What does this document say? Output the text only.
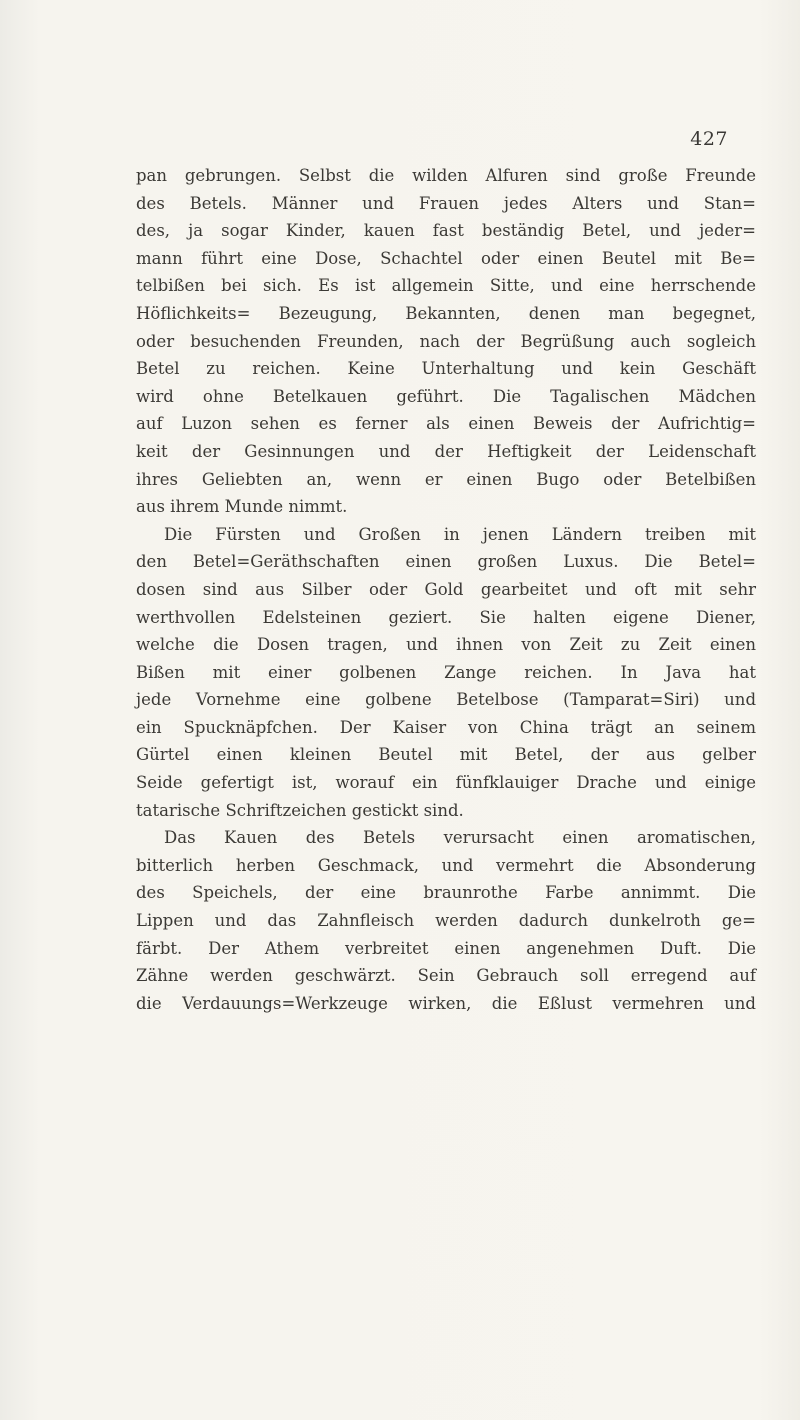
427
pan gebrungen. Selbst die wilden Alfuren sind große Freunde
des Betels. Männer und Frauen jedes Alters und Stan=
des, ja sogar Kinder, kauen fast beständig Betel, und jeder=
mann führt eine Dose, Schachtel oder einen Beutel mit Be=
telbißen bei sich. Es ist allgemein Sitte, und eine herrschende
Höflichkeits= Bezeugung, Bekannten, denen man begegnet,
oder besuchenden Freunden, nach der Begrüßung auch sogleich
Betel zu reichen. Keine Unterhaltung und kein Geschäft
wird ohne Betelkauen geführt. Die Tagalischen Mädchen
auf Luzon sehen es ferner als einen Beweis der Aufrichtig=
keit der Gesinnungen und der Heftigkeit der Leidenschaft
ihres Geliebten an, wenn er einen Bugo oder Betelbißen
aus ihrem Munde nimmt.
Die Fürsten und Großen in jenen Ländern treiben mit
den Betel=Geräthschaften einen großen Luxus. Die Betel=
dosen sind aus Silber oder Gold gearbeitet und oft mit sehr
werthvollen Edelsteinen geziert. Sie halten eigene Diener,
welche die Dosen tragen, und ihnen von Zeit zu Zeit einen
Bißen mit einer golbenen Zange reichen. In Java hat
jede Vornehme eine golbene Betelbose (Tamparat=Siri) und
ein Spucknäpfchen. Der Kaiser von China trägt an seinem
Gürtel einen kleinen Beutel mit Betel, der aus gelber
Seide gefertigt ist, worauf ein fünfklauiger Drache und einige
tatarische Schriftzeichen gestickt sind.
Das Kauen des Betels verursacht einen aromatischen,
bitterlich herben Geschmack, und vermehrt die Absonderung
des Speichels, der eine braunrothe Farbe annimmt. Die
Lippen und das Zahnfleisch werden dadurch dunkelroth ge=
färbt. Der Athem verbreitet einen angenehmen Duft. Die
Zähne werden geschwärzt. Sein Gebrauch soll erregend auf
die Verdauungs=Werkzeuge wirken, die Eßlust vermehren und
